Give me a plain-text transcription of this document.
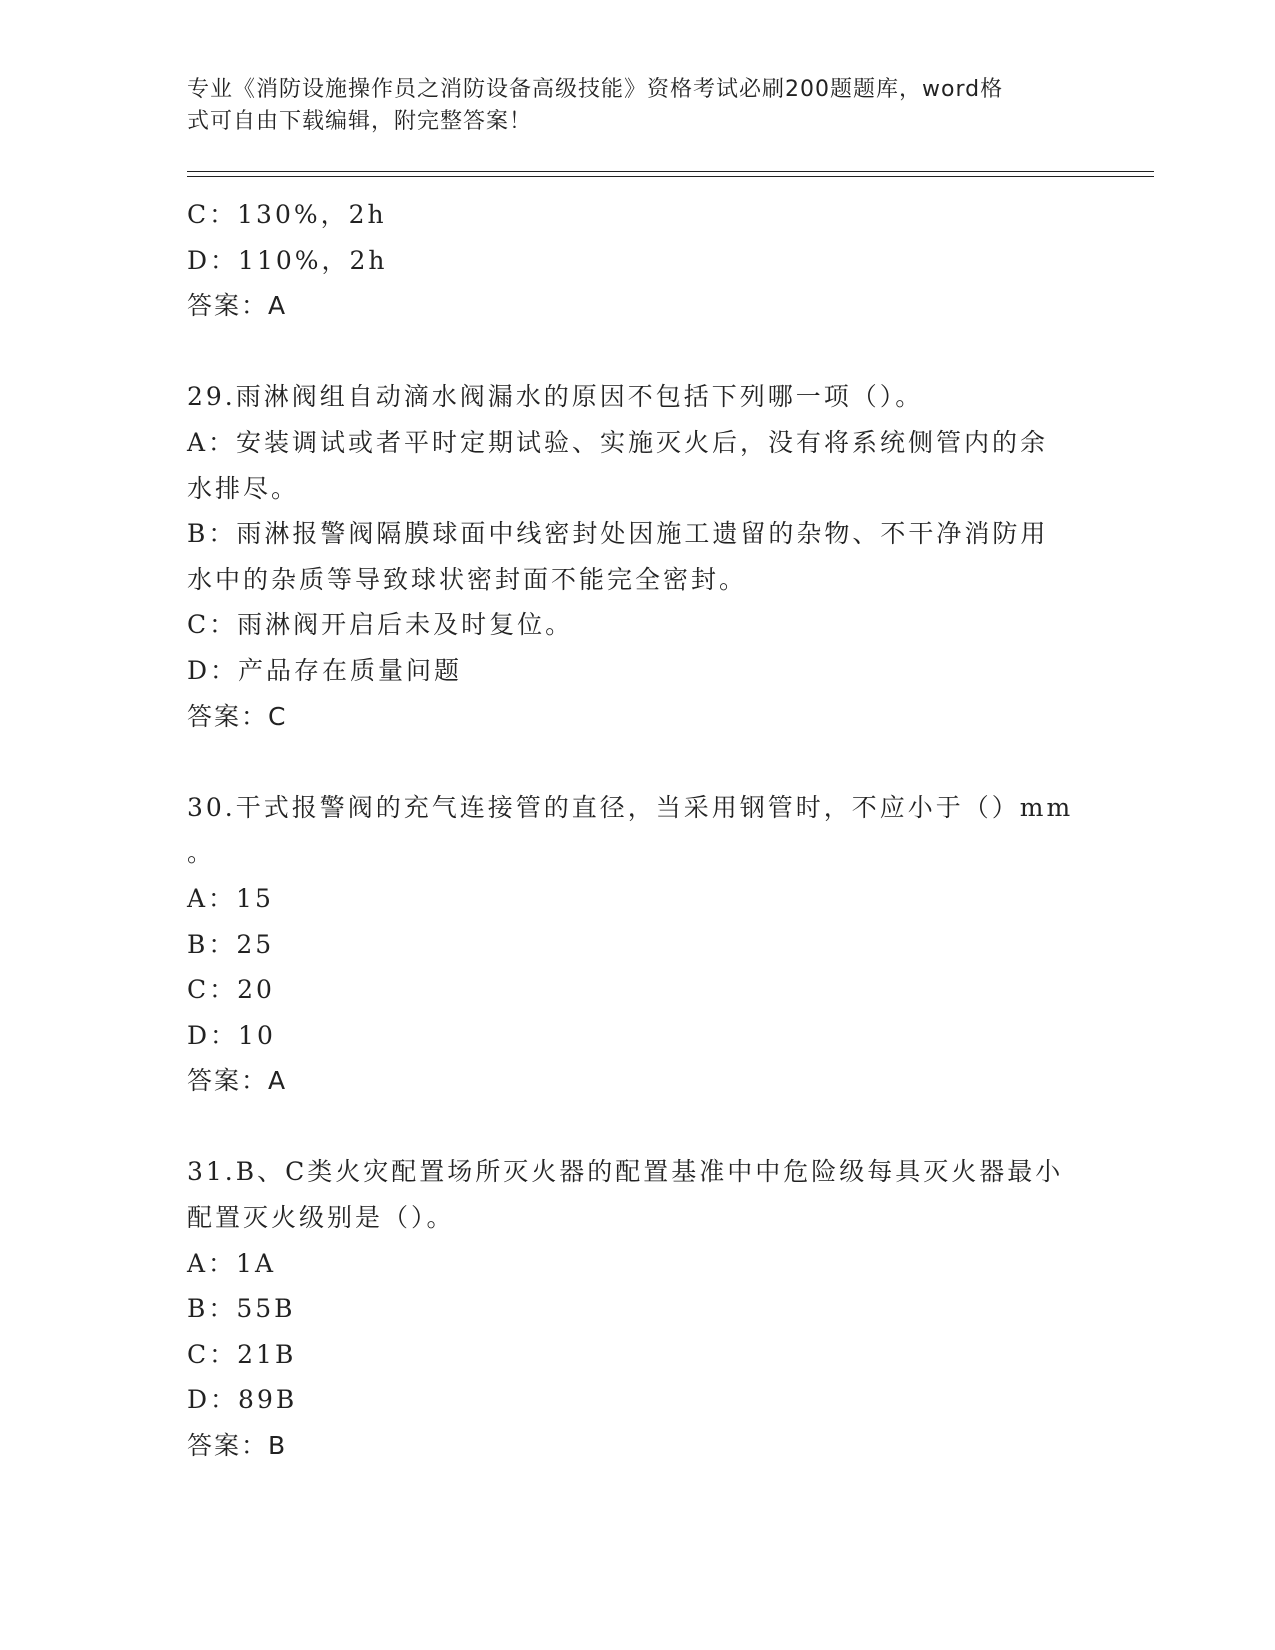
专业《消防设施操作员之消防设备高级技能》资格考试必刷200题题库，word格
式可自由下载编辑，附完整答案！
C：130%，2h
D：110%，2h
答案：A
29.雨淋阀组自动滴水阀漏水的原因不包括下列哪一项（）。
A：安装调试或者平时定期试验、实施灭火后，没有将系统侧管内的余
水排尽。
B：雨淋报警阀隔膜球面中线密封处因施工遗留的杂物、不干净消防用
水中的杂质等导致球状密封面不能完全密封。
C：雨淋阀开启后未及时复位。
D：产品存在质量问题
答案：C
30.干式报警阀的充气连接管的直径，当采用钢管时，不应小于（）mm
。
A：15
B：25
C：20
D：10
答案：A
31.B、C类火灾配置场所灭火器的配置基准中中危险级每具灭火器最小
配置灭火级别是（）。
A：1A
B：55B
C：21B
D：89B
答案：B
